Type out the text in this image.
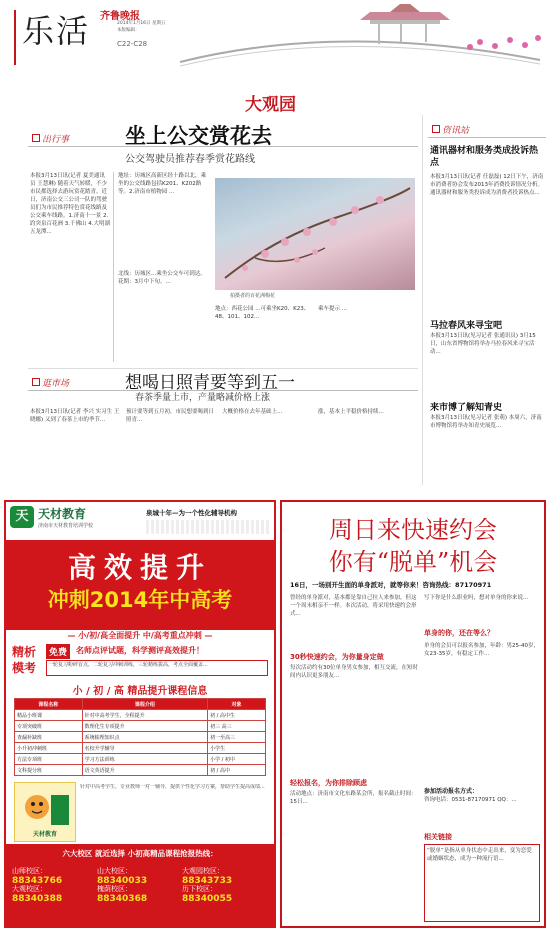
乐活 齐鲁晚报
2014年1月16日 星期五
本版编辑：
C22-C28
大观园
出行事	坐上公交赏花去
公交驾驶员推荐春季赏花路线
本报3月13日讯(记者 夏美通讯员 王慧琳) 随着天气转暖，不少市民都选择去游玩赏花踏青。近日，济南公交三公司一队的驾驶员们为市民推荐特色赏花线路及公交乘车线路。1.济南十一景 2.趵突泉百花洲 3.千佛山 4.大明湖五龙潭...
地址：历城区高新区经十路以北，乘坐的公交线路包括K201、K202路等。2.济南市植物园 ...
北线：历城区...乘坐公交车可到达。花期：3月中下旬。...
拍摄者的百花洲梅花
地点：西花公园 ...可乘坐K20、K23、48、101、102...
乘车提示 ...
逛市场	想喝日照青要等到五一
春茶季量上市，产量略减价格上涨
本报3月13日讯(记者 李兴 实习生 王晓娜) 又到了春茶上市的季节...
预计要等到五月初，市民想要喝到日照青...
大概价格在去年基础上...	涨，基本上平稳价格持续...
资讯站
通讯器材和服务类成投诉热点
本报3月13日讯(记者 任磊磊) 12日下午，济南市消费者协会发布2013年消费投诉情况分析。通讯器材和服务类投诉成为消费者投诉热点...
马拉春风来寻宝吧
本报3月13日讯(见习记者 张通讯员) 3月15日，山东省博物馆将举办马拉春风来寻宝活动...
来市博了解知青史
本报3月13日讯(见习记者 张萌) 本周六，济南市博物馆将举办知青史展览...
天 天材教育
济南市天材教育培训学校
泉城十年—为一个性化辅导机构
高效提升
冲刺2014年中高考
— 小/初/高全面提升 中/高考重点冲刺 —
精析模考
免费	名师点评试题，科学测评高效提升！
一轮复习粉碎盲点，二轮复习冲刺训练，三轮精练拔高，考点全面覆盖...
小 / 初 / 高 精品提升课程信息
课程名称	课程介绍	对象
精品小班课	针对中高考学生，全程提升	初 / 高中生
专项突破班	数理化生专项提升	初三 高三
查漏补缺班	系统梳理知识点	初一至高三
小升初冲刺班	名校升学辅导	小学生
方法专项班	学习方法训练	小学 / 初中
文科提分班	语文英语提升	初 / 高中
天材教育
针对中高考学生，专业教师一对一辅导，提供个性化学习方案，帮助学生提高成绩...
六大校区 就近选择 小初高精品课程抢报热线：
山师校区：88343766 山大校区：88340033 大观园校区：88343733 大观校区：88340388 槐荫校区：88340368 历下校区：88340055
周日来快速约会
你有“脱单”机会
16日，一场别开生面的单身派对，就等你来！咨询热线：87170971
曾经的单身派对，基本都是靠自己拉人来参加，但这一个周末相亲不一样。本次活动，将采用快速约会形式...
30秒快速约会，为你量身定做
每次活动约有30位单身男女参加，相互交流，在短时间内认识更多朋友...
轻松报名，为你排除顾虑
活动地点：济南市文化东路某会所，报名截止时间：15日...
写下你是什么职业吗，想对单身的你来说...
单身的你，还在等么？
单身的会员可以报名参加，年龄：男25-40岁，女23-35岁，有稳定工作...
参加活动报名方式：
咨询电话：0531-87170971 QQ：...
相关链接
“脱单”是指从单身状态中走出来，变为恋爱或婚姻状态，成为一种流行语...
